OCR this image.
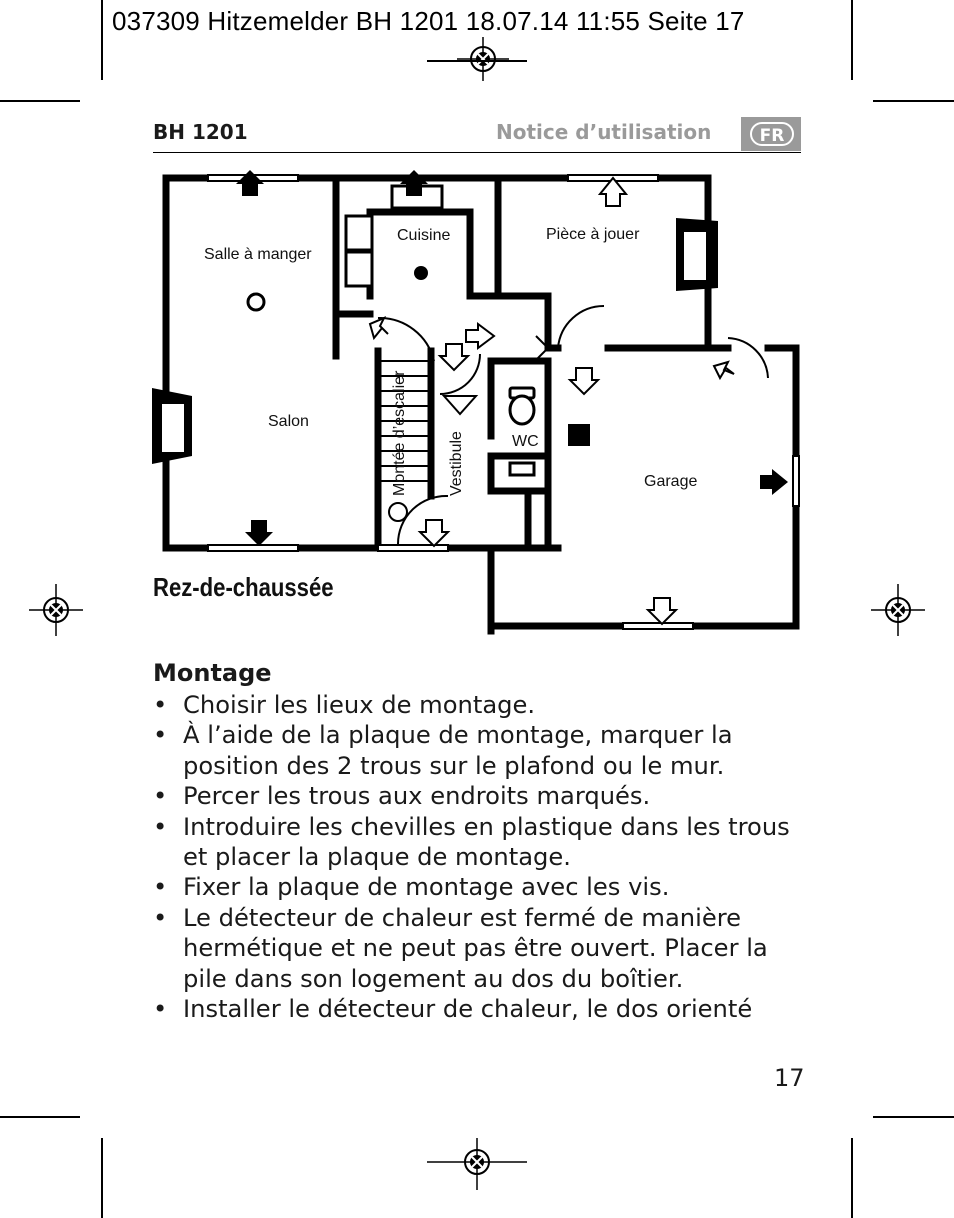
037309 Hitzemelder BH 1201 18.07.14 11:55 Seite 17
BH 1201	Notice d’utilisation	FR
Salle à manger
Cuisine	Pièce à jouer
Salon	Montée d’escalier	Vestibule	WC
Garage
Rez-de-chaussée
Montage
• Choisir les lieux de montage.
• À l’aide de la plaque de montage, marquer la position des 2 trous sur le plafond ou le mur.
• Percer les trous aux endroits marqués.
• Introduire les chevilles en plastique dans les trous et placer la plaque de montage.
• Fixer la plaque de montage avec les vis.
• Le détecteur de chaleur est fermé de manière hermétique et ne peut pas être ouvert. Placer la pile dans son logement au dos du boîtier.
• Installer le détecteur de chaleur, le dos orienté
17
